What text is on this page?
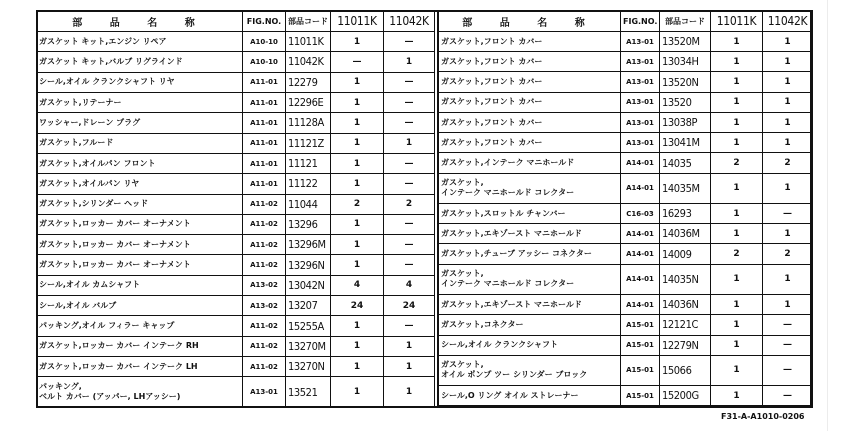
部 品 名 称	FIG.NO.	部品コード	11011K	11042K

ガスケット キット,エンジン リペア	A10-10	11011K	1	—

ガスケット キット,バルブ リグラインド	A10-10	11042K	—	1

シール,オイル クランクシャフト リヤ	A11-01	12279	1	—

ガスケット,リテーナー	A11-01	12296E	1	—

ワッシャー,ドレーン プラグ	A11-01	11128A	1	—

ガスケット,フルード	A11-01	11121Z	1	1

ガスケット,オイルパン フロント	A11-01	11121	1	—

ガスケット,オイルパン リヤ	A11-01	11122	1	—

ガスケット,シリンダー ヘッド	A11-02	11044	2	2

ガスケット,ロッカー カバー オーナメント	A11-02	13296	1	—

ガスケット,ロッカー カバー オーナメント	A11-02	13296M	1	—

ガスケット,ロッカー カバー オーナメント	A11-02	13296N	1	—

シール,オイル カムシャフト	A13-02	13042N	4	4

シール,オイル バルブ	A13-02	13207	24	24

パッキング,オイル フィラー キャップ	A11-02	15255A	1	—

ガスケット,ロッカー カバー インテーク RH	A11-02	13270M	1	1

ガスケット,ロッカー カバー インテーク LH	A11-02	13270N	1	1

パッキング,
ベルト カバー (アッパー, LHアッシー)	A13-01	13521	1	1
部 品 名 称	FIG.NO.	部品コード	11011K	11042K

ガスケット,フロント カバー	A13-01	13520M	1	1

ガスケット,フロント カバー	A13-01	13034H	1	1

ガスケット,フロント カバー	A13-01	13520N	1	1

ガスケット,フロント カバー	A13-01	13520	1	1

ガスケット,フロント カバー	A13-01	13038P	1	1

ガスケット,フロント カバー	A13-01	13041M	1	1

ガスケット,インテーク マニホールド	A14-01	14035	2	2

ガスケット,
インテーク マニホールド コレクター	A14-01	14035M	1	1

ガスケット,スロットル チャンバー	C16-03	16293	1	—

ガスケット,エキゾースト マニホールド	A14-01	14036M	1	1

ガスケット,チューブ アッシー コネクター	A14-01	14009	2	2

ガスケット,
インテーク マニホールド コレクター	A14-01	14035N	1	1

ガスケット,エキゾースト マニホールド	A14-01	14036N	1	1

ガスケット,コネクター	A15-01	12121C	1	—

シール,オイル クランクシャフト	A15-01	12279N	1	—

ガスケット,
オイル ポンプ ツー シリンダー ブロック	A15-01	15066	1	—

シール,O リング オイル ストレーナー	A15-01	15200G	1	—

F31-A-A1010-0206
